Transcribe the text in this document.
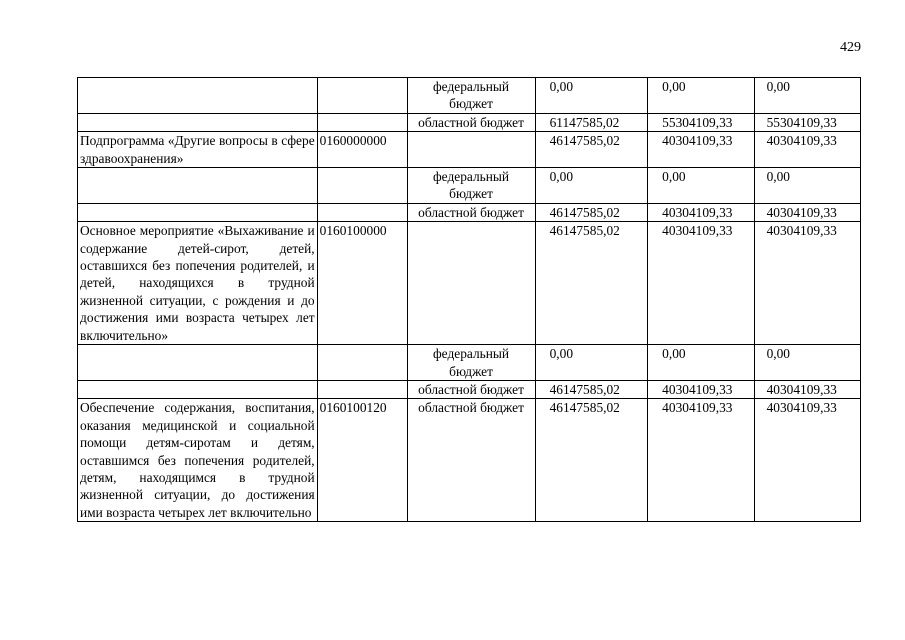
429
		федеральный бюджет	0,00	0,00	0,00
		областной бюджет	61147585,02	55304109,33	55304109,33
Подпрограмма «Другие вопросы в сфере здравоохранения»	0160000000		46147585,02	40304109,33	40304109,33
		федеральный бюджет	0,00	0,00	0,00
		областной бюджет	46147585,02	40304109,33	40304109,33
Основное мероприятие «Выхаживание и содержание детей-сирот, детей, оставшихся без попечения родителей, и детей, находящихся в трудной жизненной ситуации, с рождения и до достижения ими возраста четырех лет включительно»	0160100000		46147585,02	40304109,33	40304109,33
		федеральный бюджет	0,00	0,00	0,00
		областной бюджет	46147585,02	40304109,33	40304109,33
Обеспечение содержания, воспитания, оказания медицинской и социальной помощи детям-сиротам и детям, оставшимся без попечения родителей, детям, находящимся в трудной жизненной ситуации, до достижения ими возраста четырех лет включительно	0160100120	областной бюджет	46147585,02	40304109,33	40304109,33
